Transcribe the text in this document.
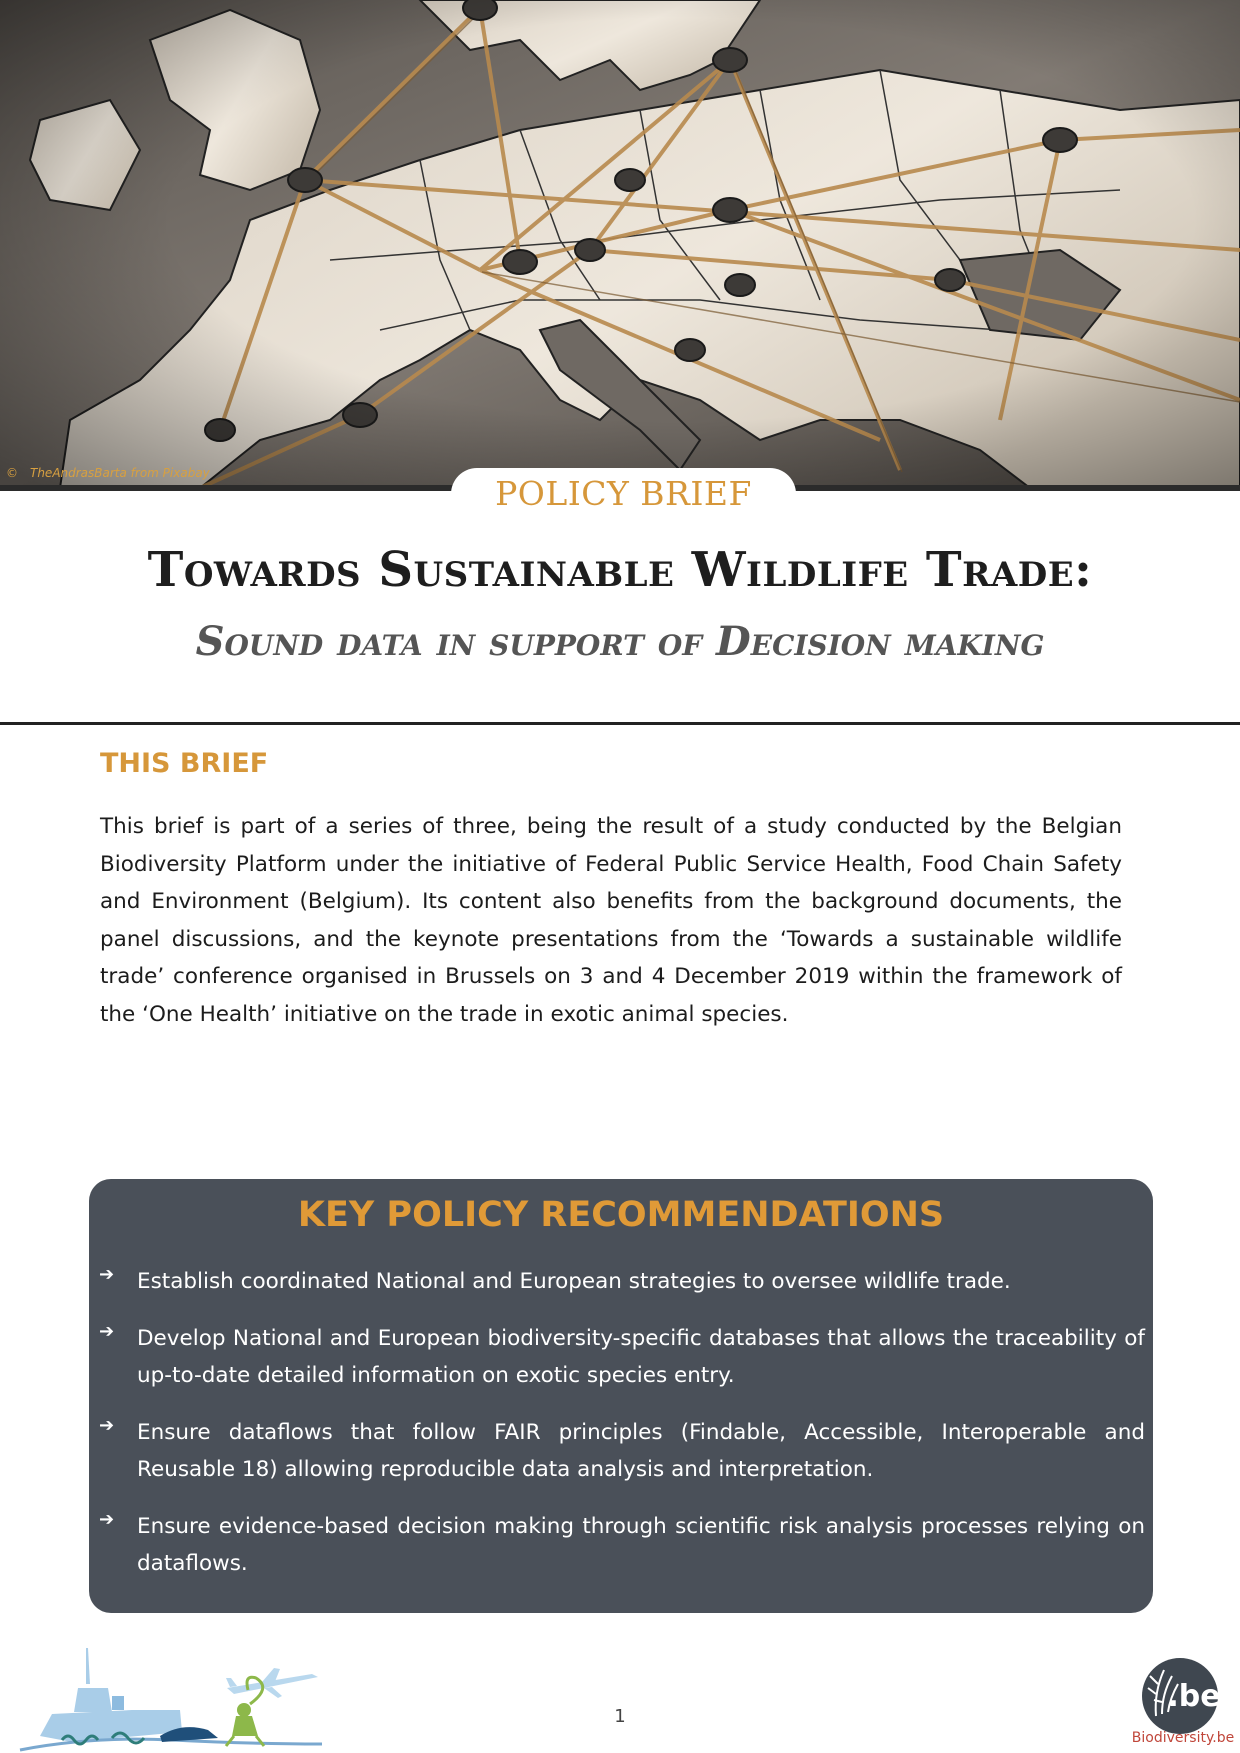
© TheAndrasBarta from Pixabay
POLICY BRIEF
Towards Sustainable Wildlife Trade:
Sound data in support of Decision making
THIS BRIEF

This brief is part of a series of three, being the result of a study conducted by the Belgian Biodiversity Platform under the initiative of Federal Public Service Health, Food Chain Safety and Environment (Belgium). Its content also benefits from the background documents, the panel discussions, and the keynote presentations from the ‘Towards a sustainable wildlife trade’ conference organised in Brussels on 3 and 4 December 2019 within the framework of the ‘One Health’ initiative on the trade in exotic animal species.

KEY POLICY RECOMMENDATIONS
➔ Establish coordinated National and European strategies to oversee wildlife trade.
➔ Develop National and European biodiversity-specific databases that allows the traceability of up-to-date detailed information on exotic species entry.
➔ Ensure dataflows that follow FAIR principles (Findable, Accessible, Interoperable and Reusable 18) allowing reproducible data analysis and interpretation.
➔ Ensure evidence-based decision making through scientific risk analysis processes relying on dataflows.
1
.be
Biodiversity.be
